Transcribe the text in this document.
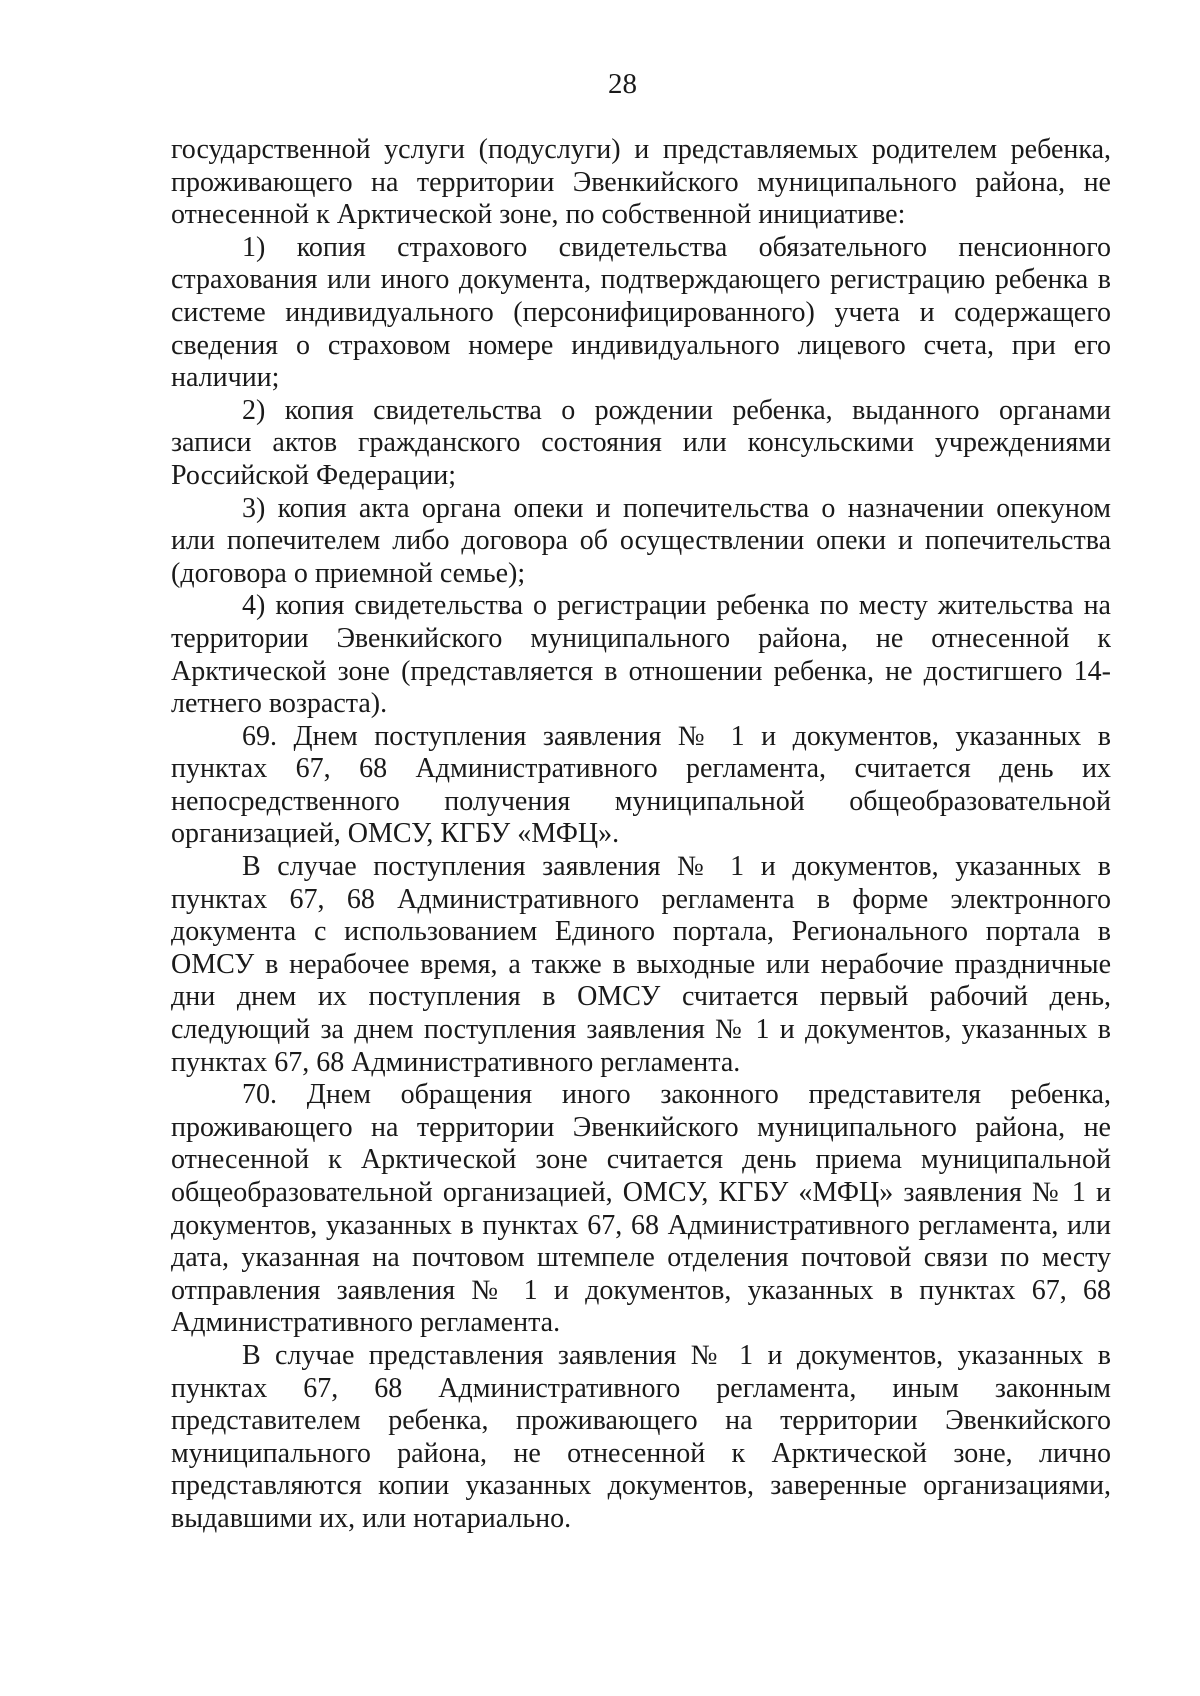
28

государственной услуги (подуслуги) и представляемых родителем ребенка, проживающего на территории Эвенкийского муниципального района, не отнесенной к Арктической зоне, по собственной инициативе:

1) копия страхового свидетельства обязательного пенсионного страхования или иного документа, подтверждающего регистрацию ребенка в системе индивидуального (персонифицированного) учета и содержащего сведения о страховом номере индивидуального лицевого счета, при его наличии;

2) копия свидетельства о рождении ребенка, выданного органами записи актов гражданского состояния или консульскими учреждениями Российской Федерации;

3) копия акта органа опеки и попечительства о назначении опекуном или попечителем либо договора об осуществлении опеки и попечительства (договора о приемной семье);

4) копия свидетельства о регистрации ребенка по месту жительства на территории Эвенкийского муниципального района, не отнесенной к Арктической зоне (представляется в отношении ребенка, не достигшего 14-летнего возраста).

69. Днем поступления заявления № 1 и документов, указанных в пунктах 67, 68 Административного регламента, считается день их непосредственного получения муниципальной общеобразовательной организацией, ОМСУ, КГБУ «МФЦ».

В случае поступления заявления № 1 и документов, указанных в пунктах 67, 68 Административного регламента в форме электронного документа с использованием Единого портала, Регионального портала в ОМСУ в нерабочее время, а также в выходные или нерабочие праздничные дни днем их поступления в ОМСУ считается первый рабочий день, следующий за днем поступления заявления № 1 и документов, указанных в пунктах 67, 68 Административного регламента.

70. Днем обращения иного законного представителя ребенка, проживающего на территории Эвенкийского муниципального района, не отнесенной к Арктической зоне считается день приема муниципальной общеобразовательной организацией, ОМСУ, КГБУ «МФЦ» заявления № 1 и документов, указанных в пунктах 67, 68 Административного регламента, или дата, указанная на почтовом штемпеле отделения почтовой связи по месту отправления заявления № 1 и документов, указанных в пунктах 67, 68 Административного регламента.

В случае представления заявления № 1 и документов, указанных в пунктах 67, 68 Административного регламента, иным законным представителем ребенка, проживающего на территории Эвенкийского муниципального района, не отнесенной к Арктической зоне, лично представляются копии указанных документов, заверенные организациями, выдавшими их, или нотариально.
